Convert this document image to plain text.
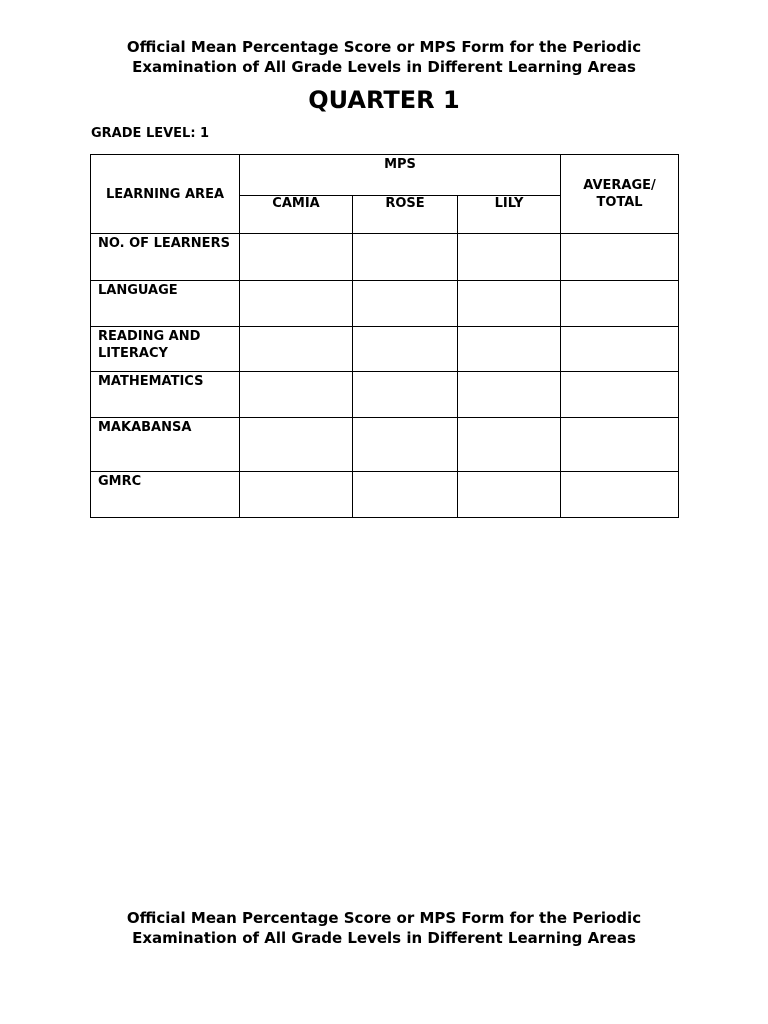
Official Mean Percentage Score or MPS Form for the Periodic
Examination of All Grade Levels in Different Learning Areas
QUARTER 1
GRADE LEVEL: 1
LEARNING AREA	MPS			AVERAGE/
TOTAL

	CAMIA	ROSE	LILY	
NO. OF LEARNERS				
LANGUAGE				
READING AND LITERACY				
MATHEMATICS				
MAKABANSA				
GMRC				
Official Mean Percentage Score or MPS Form for the Periodic
Examination of All Grade Levels in Different Learning Areas
